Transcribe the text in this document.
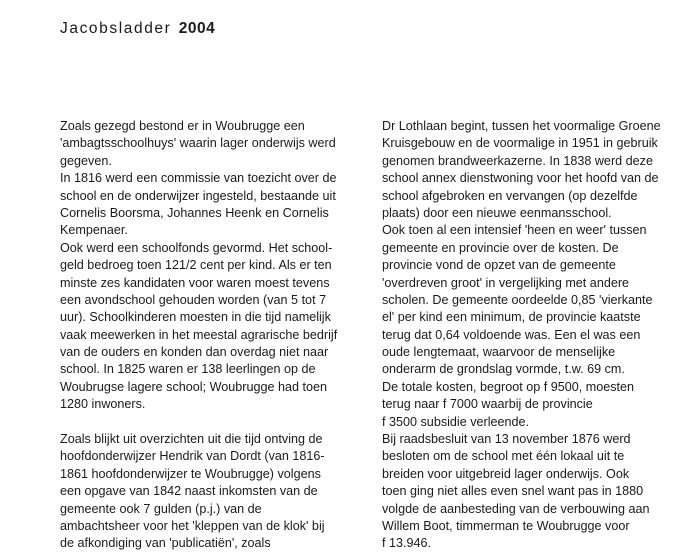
Jacobsladder 2004
Zoals gezegd bestond er in Woubrugge een
'ambagtsschoolhuys' waarin lager onderwijs werd
gegeven.
In 1816 werd een commissie van toezicht over de
school en de onderwijzer ingesteld, bestaande uit
Cornelis Boorsma, Johannes Heenk en Cornelis
Kempenaer.
Ook werd een schoolfonds gevormd. Het school-
geld bedroeg toen 121/2 cent per kind. Als er ten
minste zes kandidaten voor waren moest tevens
een avondschool gehouden worden (van 5 tot 7
uur). Schoolkinderen moesten in die tijd namelijk
vaak meewerken in het meestal agrarische bedrijf
van de ouders en konden dan overdag niet naar
school. In 1825 waren er 138 leerlingen op de
Woubrugse lagere school; Woubrugge had toen
1280 inwoners.
Zoals blijkt uit overzichten uit die tijd ontving de
hoofdonderwijzer Hendrik van Dordt (van 1816-
1861 hoofdonderwijzer te Woubrugge) volgens
een opgave van 1842 naast inkomsten van de
gemeente ook 7 gulden (p.j.) van de
ambachtsheer voor het 'kleppen van de klok' bij
de afkondiging van 'publicatiën', zoals
Dr Lothlaan begint, tussen het voormalige Groene
Kruisgebouw en de voormalige in 1951 in gebruik
genomen brandweerkazerne. In 1838 werd deze
school annex dienstwoning voor het hoofd van de
school afgebroken en vervangen (op dezelfde
plaats) door een nieuwe eenmansschool.
Ook toen al een intensief 'heen en weer' tussen
gemeente en provincie over de kosten. De
provincie vond de opzet van de gemeente
'overdreven groot' in vergelijking met andere
scholen. De gemeente oordeelde 0,85 'vierkante
el' per kind een minimum, de provincie kaatste
terug dat 0,64 voldoende was. Een el was een
oude lengtemaat, waarvoor de menselijke
onderarm de grondslag vormde, t.w. 69 cm.
De totale kosten, begroot op f 9500, moesten
terug naar f 7000 waarbij de provincie
f 3500 subsidie verleende.
Bij raadsbesluit van 13 november 1876 werd
besloten om de school met één lokaal uit te
breiden voor uitgebreid lager onderwijs. Ook
toen ging niet alles even snel want pas in 1880
volgde de aanbesteding van de verbouwing aan
Willem Boot, timmerman te Woubrugge voor
f 13.946.
